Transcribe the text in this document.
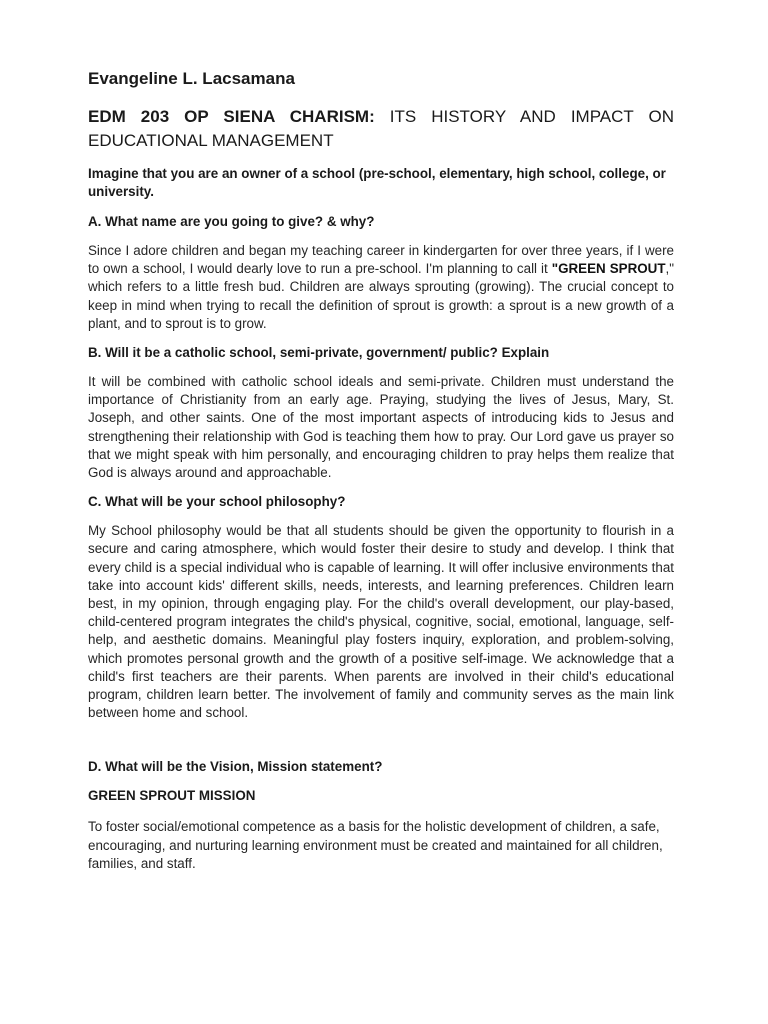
Evangeline L. Lacsamana
EDM 203 OP SIENA CHARISM: ITS HISTORY AND IMPACT ON EDUCATIONAL MANAGEMENT
Imagine that you are an owner of a school (pre-school, elementary, high school, college, or university.
A. What name are you going to give? & why?
Since I adore children and began my teaching career in kindergarten for over three years, if I were to own a school, I would dearly love to run a pre-school. I'm planning to call it "GREEN SPROUT," which refers to a little fresh bud. Children are always sprouting (growing). The crucial concept to keep in mind when trying to recall the definition of sprout is growth: a sprout is a new growth of a plant, and to sprout is to grow.
B. Will it be a catholic school, semi-private, government/ public? Explain
It will be combined with catholic school ideals and semi-private. Children must understand the importance of Christianity from an early age. Praying, studying the lives of Jesus, Mary, St. Joseph, and other saints. One of the most important aspects of introducing kids to Jesus and strengthening their relationship with God is teaching them how to pray. Our Lord gave us prayer so that we might speak with him personally, and encouraging children to pray helps them realize that God is always around and approachable.
C. What will be your school philosophy?
My School philosophy would be that all students should be given the opportunity to flourish in a secure and caring atmosphere, which would foster their desire to study and develop. I think that every child is a special individual who is capable of learning. It will offer inclusive environments that take into account kids' different skills, needs, interests, and learning preferences. Children learn best, in my opinion, through engaging play. For the child's overall development, our play-based, child-centered program integrates the child's physical, cognitive, social, emotional, language, self-help, and aesthetic domains. Meaningful play fosters inquiry, exploration, and problem-solving, which promotes personal growth and the growth of a positive self-image. We acknowledge that a child's first teachers are their parents. When parents are involved in their child's educational program, children learn better. The involvement of family and community serves as the main link between home and school.
D. What will be the Vision, Mission statement?
GREEN SPROUT MISSION
To foster social/emotional competence as a basis for the holistic development of children, a safe, encouraging, and nurturing learning environment must be created and maintained for all children, families, and staff.
